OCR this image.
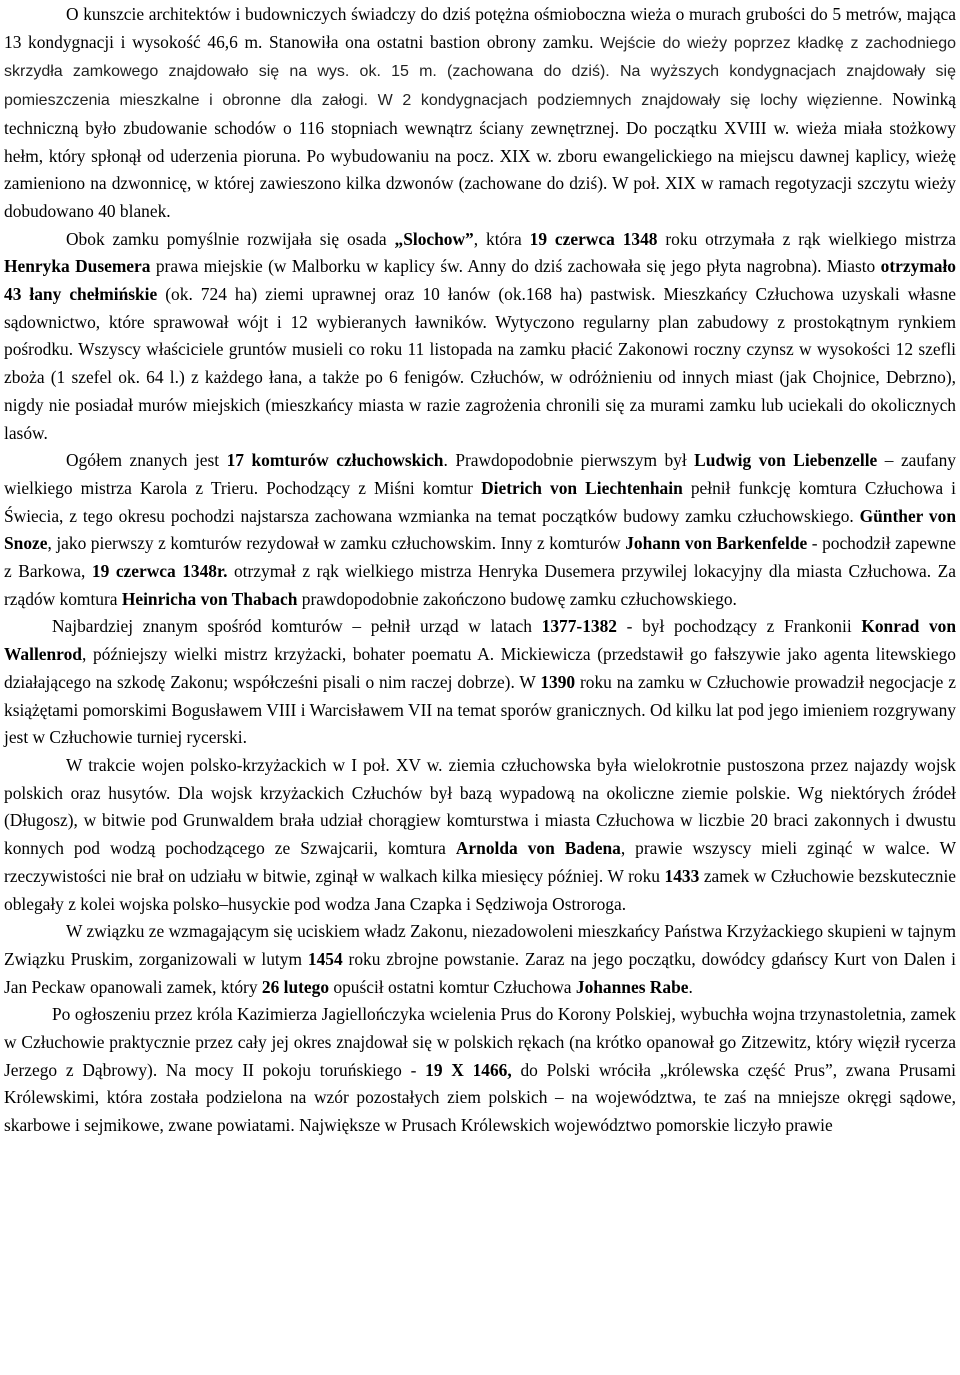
O kunszcie architektów i budowniczych świadczy do dziś potężna ośmioboczna wieża o murach grubości do 5 metrów, mająca 13 kondygnacji i wysokość 46,6 m. Stanowiła ona ostatni bastion obrony zamku. Wejście do wieży poprzez kładkę z zachodniego skrzydła zamkowego znajdowało się na wys. ok. 15 m. (zachowana do dziś). Na wyższych kondygnacjach znajdowały się pomieszczenia mieszkalne i obronne dla załogi. W 2 kondygnacjach podziemnych znajdowały się lochy więzienne. Nowinką techniczną było zbudowanie schodów o 116 stopniach wewnątrz ściany zewnętrznej. Do początku XVIII w. wieża miała stożkowy hełm, który spłonął od uderzenia pioruna. Po wybudowaniu na pocz. XIX w. zboru ewangelickiego na miejscu dawnej kaplicy, wieżę zamieniono na dzwonnicę, w której zawieszono kilka dzwonów (zachowane do dziś). W poł. XIX w ramach regotyzacji szczytu wieży dobudowano 40 blanek.

Obok zamku pomyślnie rozwijała się osada „Slochow”, która 19 czerwca 1348 roku otrzymała z rąk wielkiego mistrza Henryka Dusemera prawa miejskie (w Malborku w kaplicy św. Anny do dziś zachowała się jego płyta nagrobna). Miasto otrzymało 43 łany chełmińskie (ok. 724 ha) ziemi uprawnej oraz 10 łanów (ok.168 ha) pastwisk. Mieszkańcy Człuchowa uzyskali własne sądownictwo, które sprawował wójt i 12 wybieranych ławników. Wytyczono regularny plan zabudowy z prostokątnym rynkiem pośrodku. Wszyscy właściciele gruntów musieli co roku 11 listopada na zamku płacić Zakonowi roczny czynsz w wysokości 12 szefli zboża (1 szefel ok. 64 l.) z każdego łana, a także po 6 fenigów. Człuchów, w odróżnieniu od innych miast (jak Chojnice, Debrzno), nigdy nie posiadał murów miejskich (mieszkańcy miasta w razie zagrożenia chronili się za murami zamku lub uciekali do okolicznych lasów.

Ogółem znanych jest 17 komturów człuchowskich. Prawdopodobnie pierwszym był Ludwig von Liebenzelle – zaufany wielkiego mistrza Karola z Trieru. Pochodzący z Miśni komtur Dietrich von Liechtenhain pełnił funkcję komtura Człuchowa i Świecia, z tego okresu pochodzi najstarsza zachowana wzmianka na temat początków budowy zamku człuchowskiego. Günther von Snoze, jako pierwszy z komturów rezydował w zamku człuchowskim. Inny z komturów Johann von Barkenfelde - pochodził zapewne z Barkowa, 19 czerwca 1348r. otrzymał z rąk wielkiego mistrza Henryka Dusemera przywilej lokacyjny dla miasta Człuchowa. Za rządów komtura Heinricha von Thabach prawdopodobnie zakończono budowę zamku człuchowskiego.

Najbardziej znanym spośród komturów – pełnił urząd w latach 1377-1382 - był pochodzący z Frankonii Konrad von Wallenrod, późniejszy wielki mistrz krzyżacki, bohater poematu A. Mickiewicza (przedstawił go fałszywie jako agenta litewskiego działającego na szkodę Zakonu; współcześni pisali o nim raczej dobrze). W 1390 roku na zamku w Człuchowie prowadził negocjacje z książętami pomorskimi Bogusławem VIII i Warcisławem VII na temat sporów granicznych. Od kilku lat pod jego imieniem rozgrywany jest w Człuchowie turniej rycerski.

W trakcie wojen polsko-krzyżackich w I poł. XV w. ziemia człuchowska była wielokrotnie pustoszona przez najazdy wojsk polskich oraz husytów. Dla wojsk krzyżackich Człuchów był bazą wypadową na okoliczne ziemie polskie. Wg niektórych źródeł (Długosz), w bitwie pod Grunwaldem brała udział chorągiew komturstwa i miasta Człuchowa w liczbie 20 braci zakonnych i dwustu konnych pod wodzą pochodzącego ze Szwajcarii, komtura Arnolda von Badena, prawie wszyscy mieli zginąć w walce. W rzeczywistości nie brał on udziału w bitwie, zginął w walkach kilka miesięcy później. W roku 1433 zamek w Człuchowie bezskutecznie oblegały z kolei wojska polsko–husyckie pod wodza Jana Czapka i Sędziwoja Ostroroga.

W związku ze wzmagającym się uciskiem władz Zakonu, niezadowoleni mieszkańcy Państwa Krzyżackiego skupieni w tajnym Związku Pruskim, zorganizowali w lutym 1454 roku zbrojne powstanie. Zaraz na jego początku, dowódcy gdańscy Kurt von Dalen i Jan Peckaw opanowali zamek, który 26 lutego opuścił ostatni komtur Człuchowa Johannes Rabe.

Po ogłoszeniu przez króla Kazimierza Jagiellończyka wcielenia Prus do Korony Polskiej, wybuchła wojna trzynastoletnia, zamek w Człuchowie praktycznie przez cały jej okres znajdował się w polskich rękach (na krótko opanował go Zitzewitz, który więził rycerza Jerzego z Dąbrowy). Na mocy II pokoju toruńskiego - 19 X 1466, do Polski wróciła „królewska część Prus”, zwana Prusami Królewskimi, która została podzielona na wzór pozostałych ziem polskich – na województwa, te zaś na mniejsze okręgi sądowe, skarbowe i sejmikowe, zwane powiatami. Największe w Prusach Królewskich województwo pomorskie liczyło prawie
